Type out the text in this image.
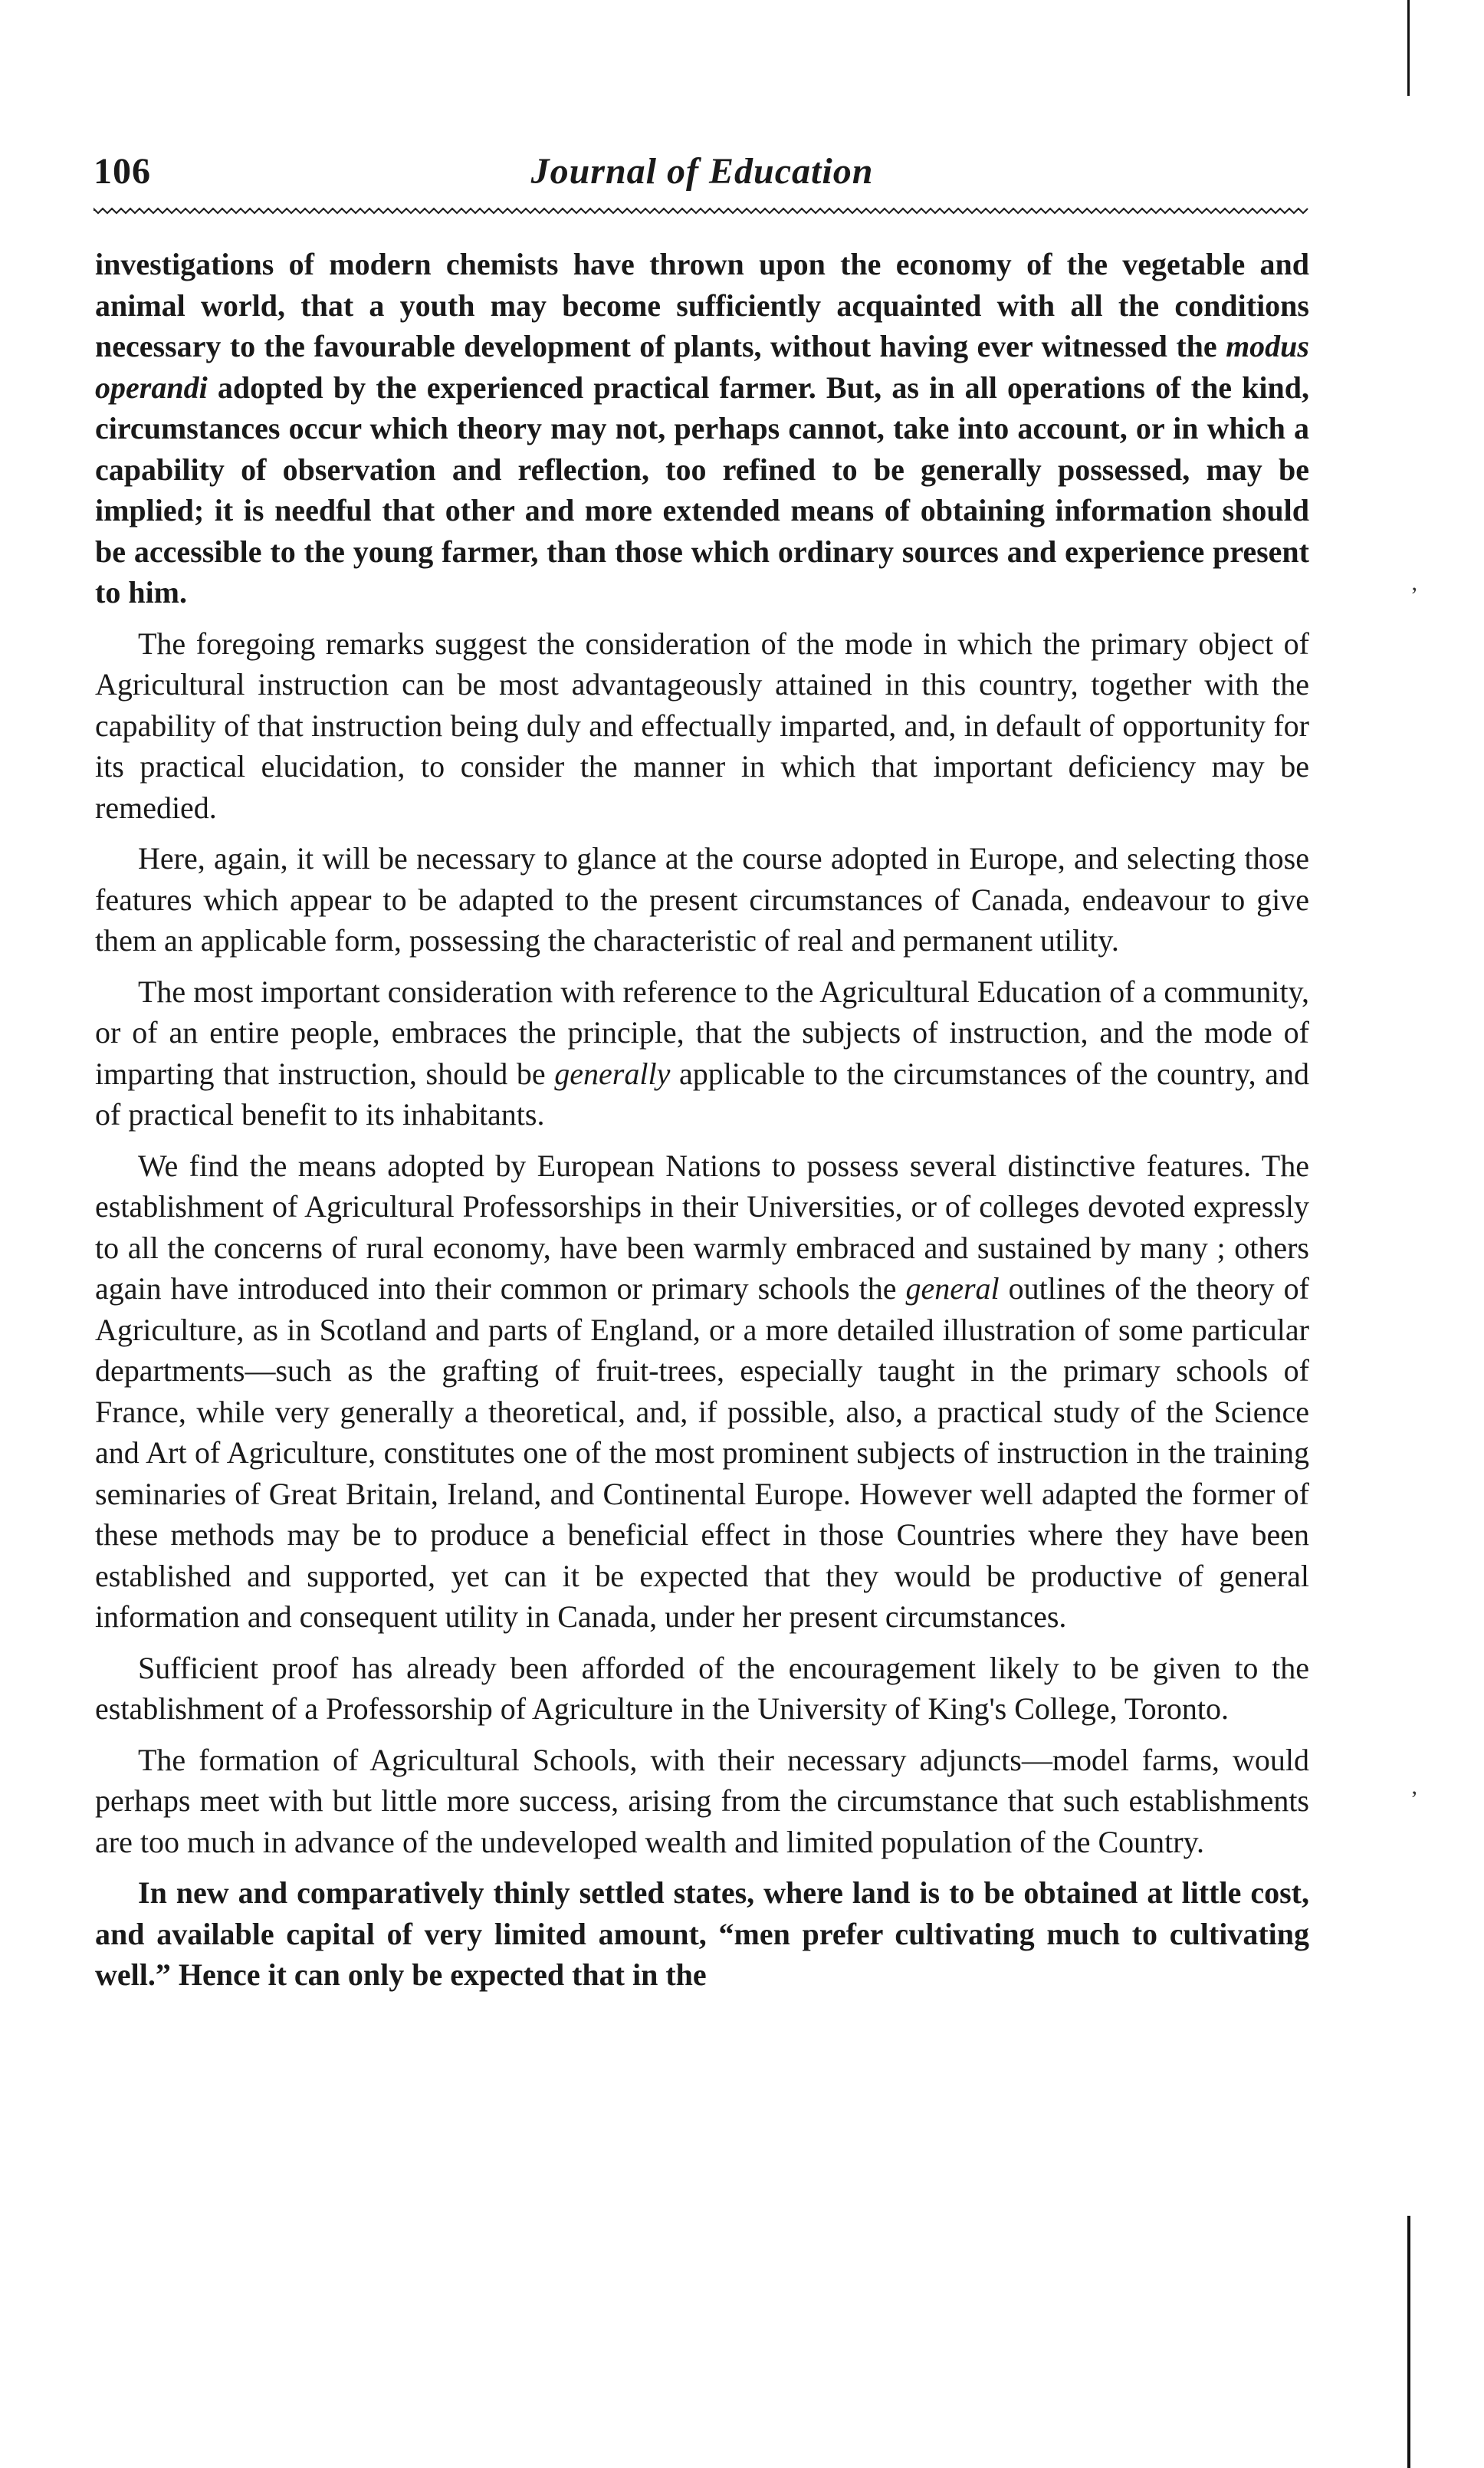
106	Journal of Education

investigations of modern chemists have thrown upon the economy of the vegetable and animal world, that a youth may become sufficiently acquainted with all the conditions necessary to the favourable development of plants, without having ever witnessed the modus operandi adopted by the experienced practical farmer. But, as in all operations of the kind, circumstances occur which theory may not, perhaps cannot, take into account, or in which a capability of observation and reflection, too refined to be generally possessed, may be implied; it is needful that other and more extended means of obtaining information should be accessible to the young farmer, than those which ordinary sources and experience present to him.

The foregoing remarks suggest the consideration of the mode in which the primary object of Agricultural instruction can be most advantageously attained in this country, together with the capability of that instruction being duly and effectually imparted, and, in default of opportunity for its practical elucidation, to consider the manner in which that important deficiency may be remedied.

Here, again, it will be necessary to glance at the course adopted in Europe, and selecting those features which appear to be adapted to the present circumstances of Canada, endeavour to give them an applicable form, possessing the characteristic of real and permanent utility.

The most important consideration with reference to the Agricultural Education of a community, or of an entire people, embraces the principle, that the subjects of instruction, and the mode of imparting that instruction, should be generally applicable to the circumstances of the country, and of practical benefit to its inhabitants.

We find the means adopted by European Nations to possess several distinctive features. The establishment of Agricultural Professorships in their Universities, or of colleges devoted expressly to all the concerns of rural economy, have been warmly embraced and sustained by many ; others again have introduced into their common or primary schools the general outlines of the theory of Agriculture, as in Scotland and parts of England, or a more detailed illustration of some particular departments—such as the grafting of fruit-trees, especially taught in the primary schools of France, while very generally a theoretical, and, if possible, also, a practical study of the Science and Art of Agriculture, constitutes one of the most prominent subjects of instruction in the training seminaries of Great Britain, Ireland, and Continental Europe. However well adapted the former of these methods may be to produce a beneficial effect in those Countries where they have been established and supported, yet can it be expected that they would be productive of general information and consequent utility in Canada, under her present circumstances.

Sufficient proof has already been afforded of the encouragement likely to be given to the establishment of a Professorship of Agriculture in the University of King's College, Toronto.

The formation of Agricultural Schools, with their necessary adjuncts—model farms, would perhaps meet with but little more success, arising from the circumstance that such establishments are too much in advance of the undeveloped wealth and limited population of the Country.

In new and comparatively thinly settled states, where land is to be obtained at little cost, and available capital of very limited amount, “men prefer cultivating much to cultivating well.” Hence it can only be expected that in the

’
’
